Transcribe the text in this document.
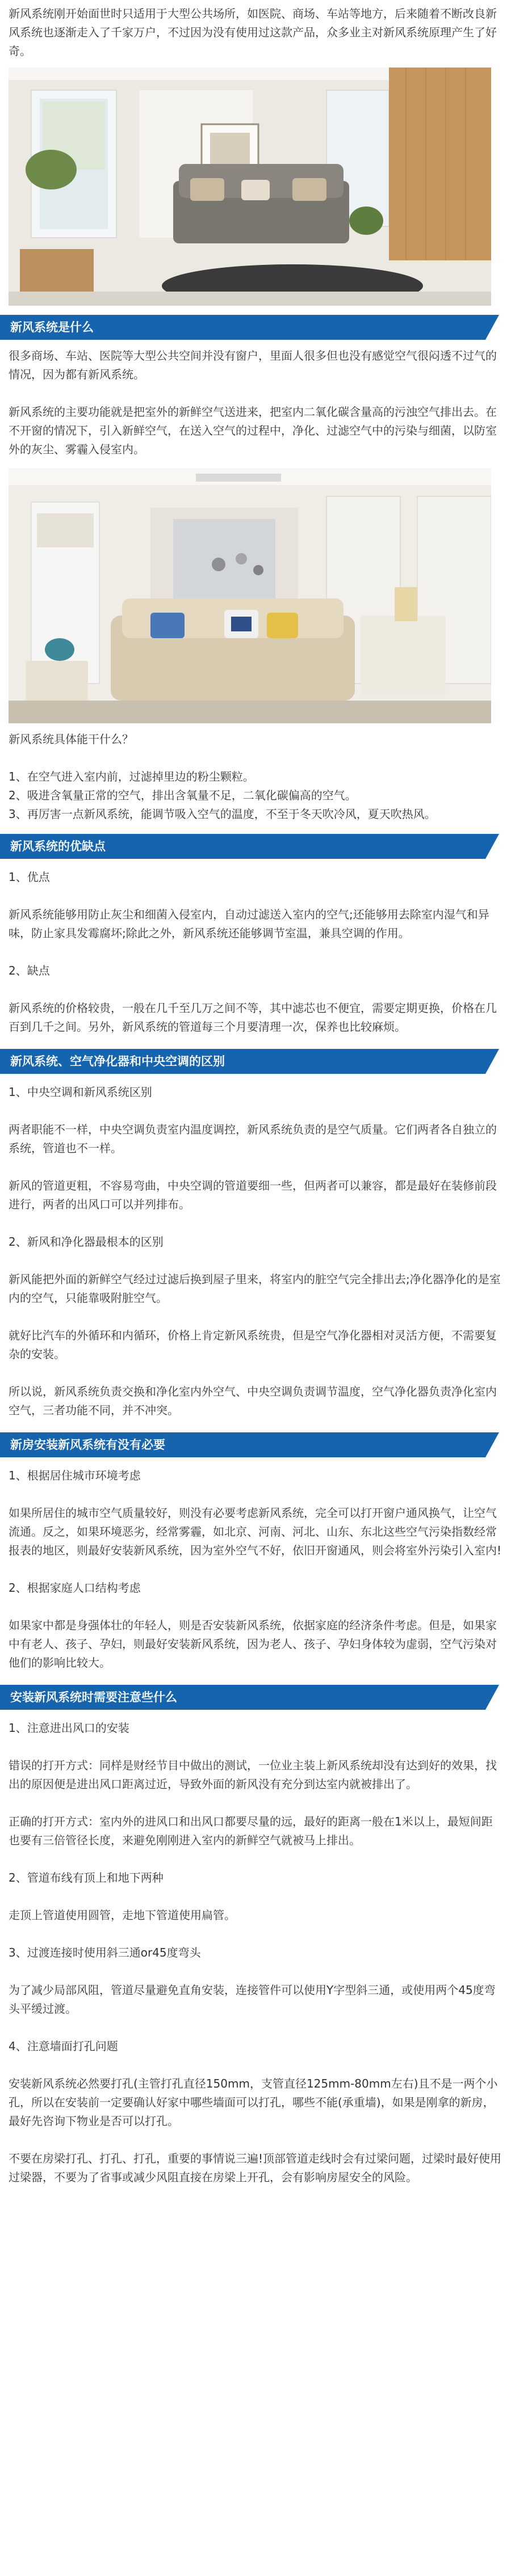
新风系统刚开始面世时只适用于大型公共场所，如医院、商场、车站等地方，后来随着不断改良新风系统也逐渐走入了千家万户，不过因为没有使用过这款产品，众多业主对新风系统原理产生了好奇。

新风系统是什么

很多商场、车站、医院等大型公共空间并没有窗户，里面人很多但也没有感觉空气很闷透不过气的情况，因为都有新风系统。

新风系统的主要功能就是把室外的新鲜空气送进来，把室内二氧化碳含量高的污浊空气排出去。在不开窗的情况下，引入新鲜空气，在送入空气的过程中，净化、过滤空气中的污染与细菌，以防室外的灰尘、雾霾入侵室内。

新风系统具体能干什么？

1、在空气进入室内前，过滤掉里边的粉尘颗粒。

2、吸进含氧量正常的空气，排出含氧量不足，二氧化碳偏高的空气。

3、再厉害一点新风系统，能调节吸入空气的温度，不至于冬天吹冷风，夏天吹热风。

新风系统的优缺点

1、优点

新风系统能够用防止灰尘和细菌入侵室内，自动过滤送入室内的空气;还能够用去除室内湿气和异味，防止家具发霉腐坏;除此之外，新风系统还能够调节室温，兼具空调的作用。

2、缺点

新风系统的价格较贵，一般在几千至几万之间不等，其中滤芯也不便宜，需要定期更换，价格在几百到几千之间。另外，新风系统的管道每三个月要清理一次，保养也比较麻烦。

新风系统、空气净化器和中央空调的区别

1、中央空调和新风系统区别

两者职能不一样，中央空调负责室内温度调控，新风系统负责的是空气质量。它们两者各自独立的系统，管道也不一样。

新风的管道更粗，不容易弯曲，中央空调的管道要细一些，但两者可以兼容，都是最好在装修前段进行，两者的出风口可以并列排布。

2、新风和净化器最根本的区别

新风能把外面的新鲜空气经过过滤后换到屋子里来，将室内的脏空气完全排出去;净化器净化的是室内的空气，只能靠吸附脏空气。

就好比汽车的外循环和内循环，价格上肯定新风系统贵，但是空气净化器相对灵活方便，不需要复杂的安装。

所以说，新风系统负责交换和净化室内外空气、中央空调负责调节温度，空气净化器负责净化室内空气，三者功能不同，并不冲突。

新房安装新风系统有没有必要

1、根据居住城市环境考虑

如果所居住的城市空气质量较好，则没有必要考虑新风系统，完全可以打开窗户通风换气，让空气流通。反之，如果环境恶劣，经常雾霾，如北京、河南、河北、山东、东北这些空气污染指数经常报表的地区，则最好安装新风系统，因为室外空气不好，依旧开窗通风，则会将室外污染引入室内!

2、根据家庭人口结构考虑

如果家中都是身强体壮的年轻人，则是否安装新风系统，依据家庭的经济条件考虑。但是，如果家中有老人、孩子、孕妇，则最好安装新风系统，因为老人、孩子、孕妇身体较为虚弱，空气污染对他们的影响比较大。

安装新风系统时需要注意些什么

1、注意进出风口的安装

错误的打开方式：同样是财经节目中做出的测试，一位业主装上新风系统却没有达到好的效果，找出的原因便是进出风口距离过近，导致外面的新风没有充分到达室内就被排出了。

正确的打开方式：室内外的进风口和出风口都要尽量的远，最好的距离一般在1米以上，最短间距也要有三倍管径长度，来避免刚刚进入室内的新鲜空气就被马上排出。

2、管道布线有顶上和地下两种

走顶上管道使用圆管，走地下管道使用扁管。

3、过渡连接时使用斜三通or45度弯头

为了减少局部风阻，管道尽量避免直角安装，连接管件可以使用Y字型斜三通，或使用两个45度弯头平缓过渡。

4、注意墙面打孔问题

安装新风系统必然要打孔(主管打孔直径150mm，支管直径125mm-80mm左右)且不是一两个小孔，所以在安装前一定要确认好家中哪些墙面可以打孔，哪些不能(承重墙)，如果是刚拿的新房，最好先咨询下物业是否可以打孔。

不要在房梁打孔、打孔、打孔，重要的事情说三遍!顶部管道走线时会有过梁问题，过梁时最好使用过梁器，不要为了省事或减少风阻直接在房梁上开孔，会有影响房屋安全的风险。
